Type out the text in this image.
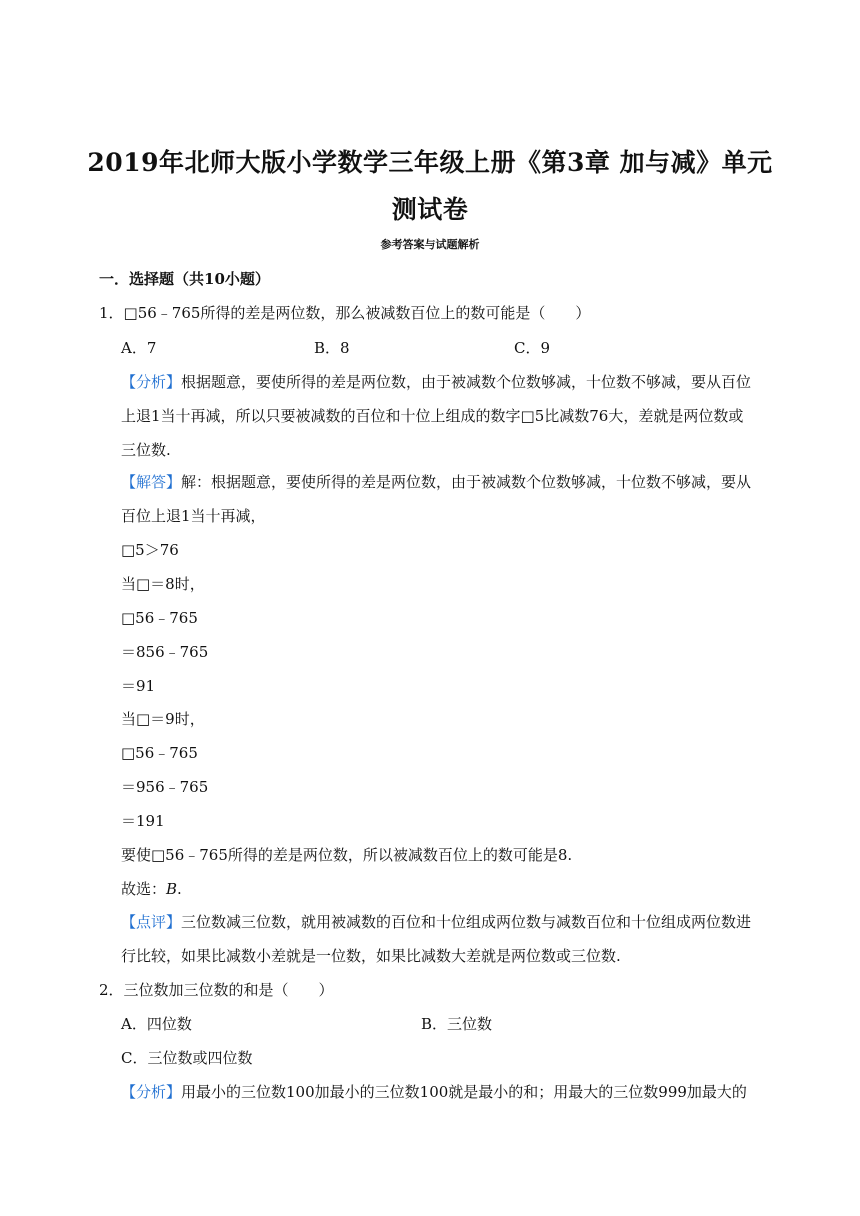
2019年北师大版小学数学三年级上册《第3章 加与减》单元
测试卷
参考答案与试题解析
一．选择题（共10小题）
1．□56﹣765所得的差是两位数，那么被减数百位上的数可能是（　　）
A．7	B．8	C．9
【分析】根据题意，要使所得的差是两位数，由于被减数个位数够减，十位数不够减，要从百位
上退1当十再减，所以只要被减数的百位和十位上组成的数字□5比减数76大，差就是两位数或
三位数.
【解答】解：根据题意，要使所得的差是两位数，由于被减数个位数够减，十位数不够减，要从
百位上退1当十再减，
□5＞76
当□＝8时，
□56﹣765
＝856﹣765
＝91
当□＝9时，
□56﹣765
＝956﹣765
＝191
要使□56﹣765所得的差是两位数，所以被减数百位上的数可能是8.
故选：B.
【点评】三位数减三位数，就用被减数的百位和十位组成两位数与减数百位和十位组成两位数进
行比较，如果比减数小差就是一位数，如果比减数大差就是两位数或三位数.
2．三位数加三位数的和是（　　）
A．四位数	B．三位数
C．三位数或四位数
【分析】用最小的三位数100加最小的三位数100就是最小的和；用最大的三位数999加最大的
